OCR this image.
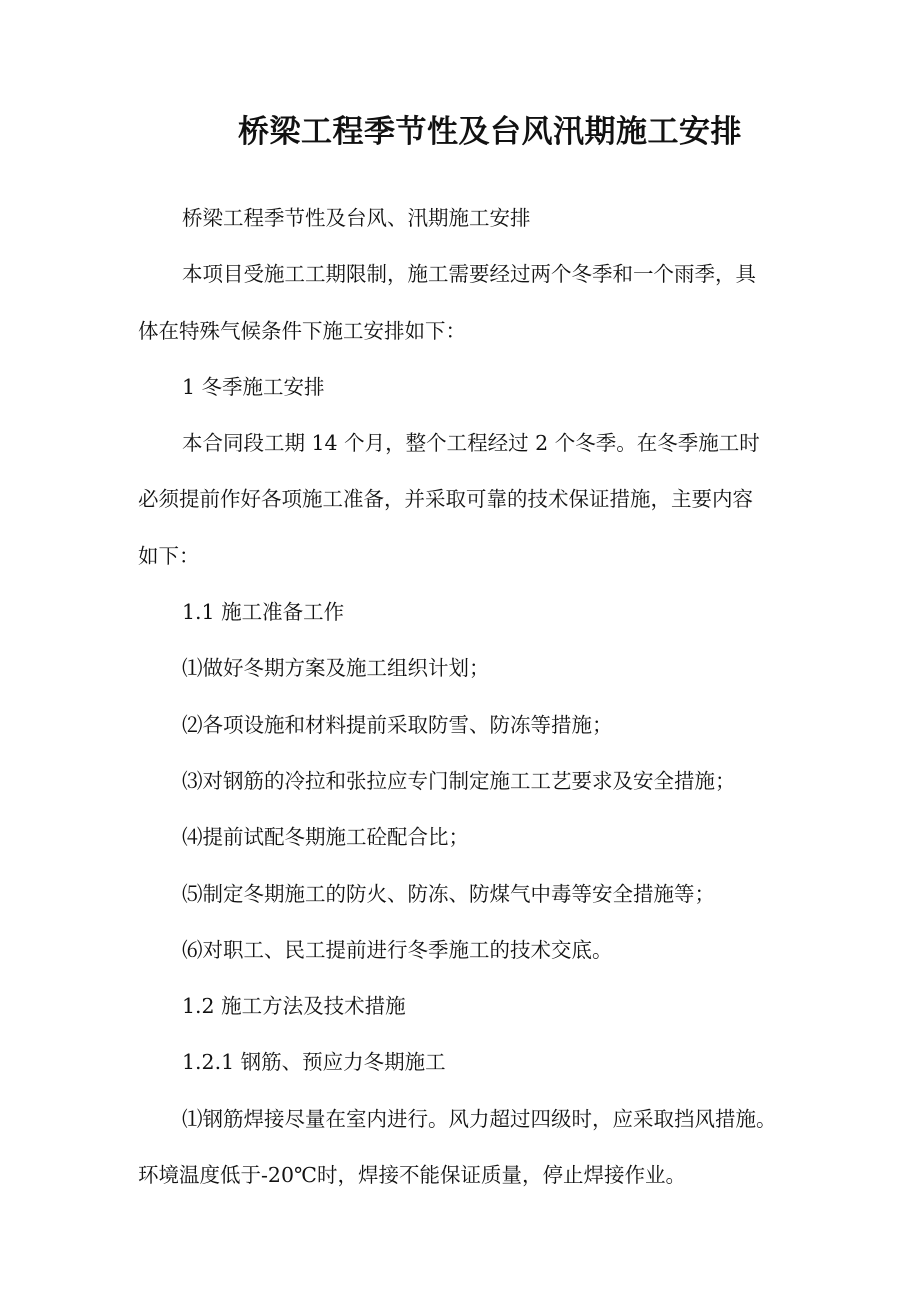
桥梁工程季节性及台风汛期施工安排
桥梁工程季节性及台风、汛期施工安排
本项目受施工工期限制，施工需要经过两个冬季和一个雨季，具
体在特殊气候条件下施工安排如下：
1 冬季施工安排
本合同段工期 14 个月，整个工程经过 2 个冬季。在冬季施工时
必须提前作好各项施工准备，并采取可靠的技术保证措施，主要内容
如下：
1.1 施工准备工作
⑴做好冬期方案及施工组织计划；
⑵各项设施和材料提前采取防雪、防冻等措施；
⑶对钢筋的冷拉和张拉应专门制定施工工艺要求及安全措施；
⑷提前试配冬期施工砼配合比；
⑸制定冬期施工的防火、防冻、防煤气中毒等安全措施等；
⑹对职工、民工提前进行冬季施工的技术交底。
1.2 施工方法及技术措施
1.2.1 钢筋、预应力冬期施工
⑴钢筋焊接尽量在室内进行。风力超过四级时，应采取挡风措施。
环境温度低于-20℃时，焊接不能保证质量，停止焊接作业。
